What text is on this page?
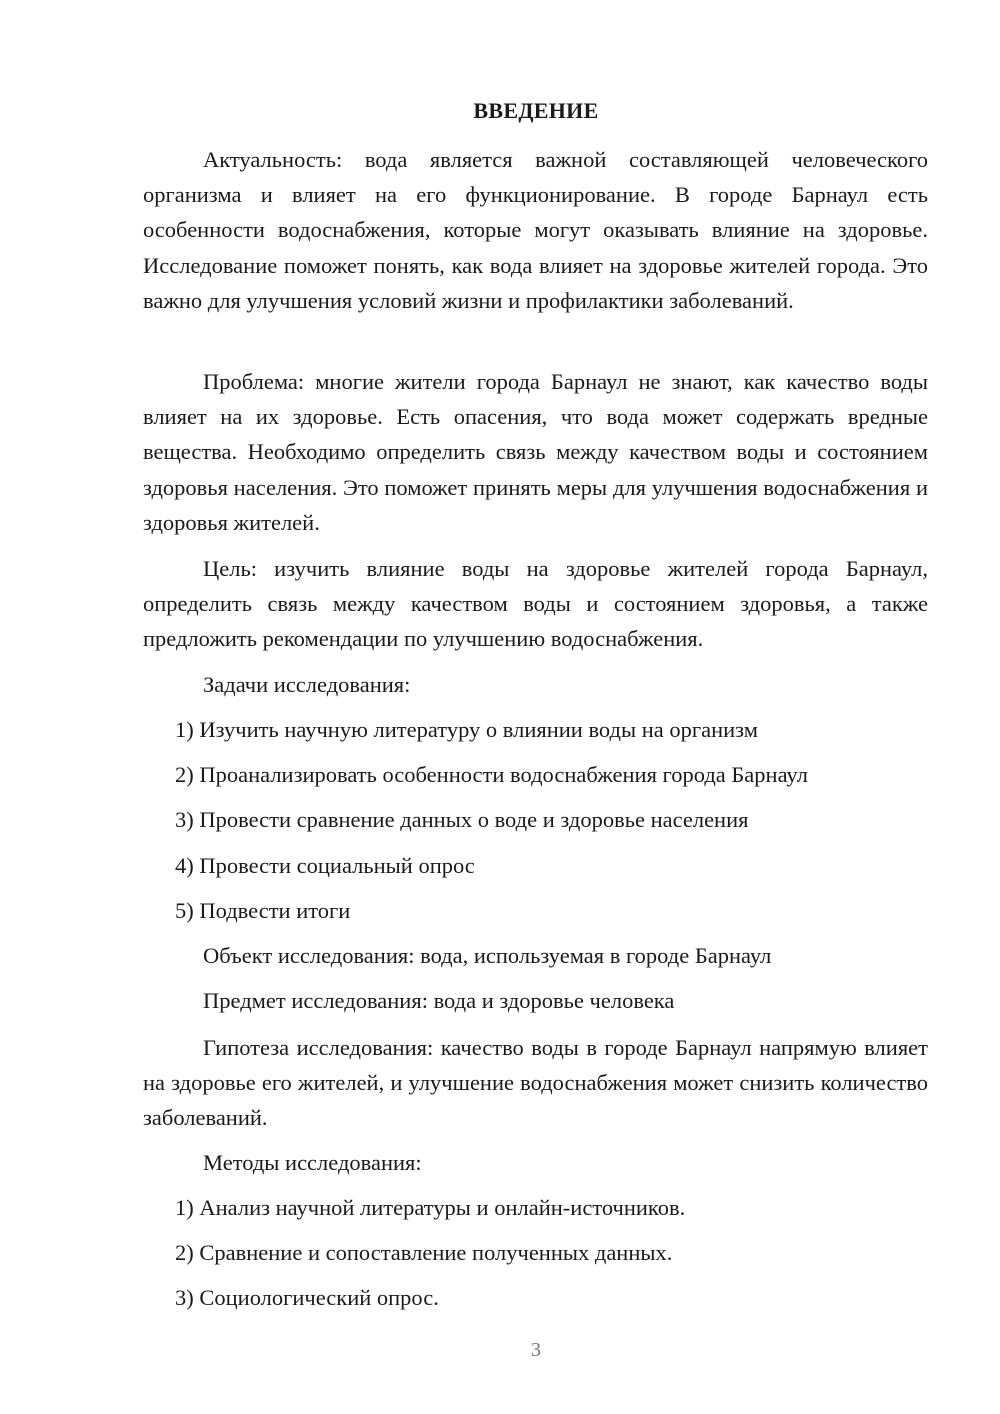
ВВЕДЕНИЕ
Актуальность: вода является важной составляющей человеческого организма и влияет на его функционирование. В городе Барнаул есть особенности водоснабжения, которые могут оказывать влияние на здоровье. Исследование поможет понять, как вода влияет на здоровье жителей города. Это важно для улучшения условий жизни и профилактики заболеваний.
Проблема: многие жители города Барнаул не знают, как качество воды влияет на их здоровье. Есть опасения, что вода может содержать вредные вещества. Необходимо определить связь между качеством воды и состоянием здоровья населения. Это поможет принять меры для улучшения водоснабжения и здоровья жителей.
Цель: изучить влияние воды на здоровье жителей города Барнаул, определить связь между качеством воды и состоянием здоровья, а также предложить рекомендации по улучшению водоснабжения.
Задачи исследования:
1) Изучить научную литературу о влиянии воды на организм
2) Проанализировать особенности водоснабжения города Барнаул
3) Провести сравнение данных о воде и здоровье населения
4) Провести социальный опрос
5) Подвести итоги
Объект исследования: вода, используемая в городе Барнаул
Предмет исследования: вода и здоровье человека
Гипотеза исследования: качество воды в городе Барнаул напрямую влияет на здоровье его жителей, и улучшение водоснабжения может снизить количество заболеваний.
Методы исследования:
1) Анализ научной литературы и онлайн-источников.
2) Сравнение и сопоставление полученных данных.
3) Социологический опрос.
3
